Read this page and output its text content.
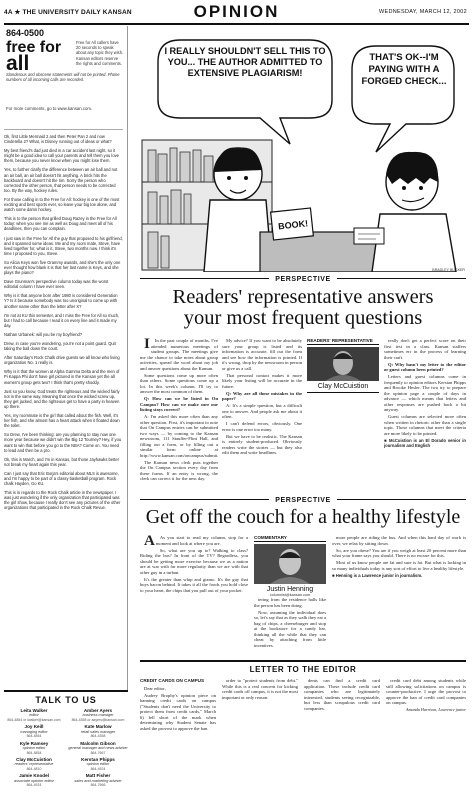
4A ★ THE UNIVERSITY DAILY KANSAN	OPINION	WEDNESDAY, MARCH 12, 2002
864-0500
free for
all
Free for All callers have 20 seconds to speak about any topic they wish. Kansan editors reserve the rights and comments.
Slanderous and obscene statements will not be printed. Phone numbers of all incoming calls are recorded.
For more comments, go to www.kansan.com.

Ok, first Little Mermaid 2 and then Peter Pan 2 and now Cinderella 2? What, is Disney running out of ideas or what?

My best friend's dad just died in a car accident last night, so it might be a good idea to call your parents and tell them you love them, because you never know when you might lose them.

Yes, to further clarify the difference between an air ball and not an air ball, an air ball doesn't hit anything. A brick hits the backboard and doesn't hit the rim. Sorry the person who corrected the other person, that person needs to be corrected too. By the way, hockey rules.

For those calling in to the Free for All: hockey is one of the most exciting and best sports ever, so leave your big toe alone, and watch some damn hockey.

This is to the person that grilled Doug Razey in the Free for All today: when you see me as well as Doug and meet all of his deadlines, then you can complain.

I just saw in the Free for All the guy that proposed to his girlfriend, and it spanned some ideas. Me and my room mate, Steve, have lived together for, what is it, Steve, two months now. I think it's time I proposed to you, Steve.

So Alicia Keys won five Grammy awards, and she's the only one ever thought how blank it is that her last name is Keys, and she plays the piano?

Dave Grunman's perspective column today was the worst editorial column I have ever seen.

Why is it that anyone born after 1980 is considered Generation Y? Is it because somebody was too unoriginal to come up with another name other than the letter after X?

I'm not at KU this semester, and I miss the Free for All so much, but I had to call because I read it on every line and it made my day.

Nathan Urbanek: will you be my boyfriend?

Drew, in case you're wondering, you're not a point guard. Quit taking the ball down the court.

After Saturday's Rock Chalk drive guests we all know who living organization No. 1 really is.

Why is it that the women at Alpha Gamma Delta and the men of Pi Kappa Phi don't have girl pictured in the Kansan yet the all women's group gets two? I think that's pretty shoddy.

Just so you know, God treats the righteous and the wicked fairly not in the same way. Meaning that once the wicked screw up, they get jacked, and the righteous get to have a party in heaven up there.

Yes, my roommate is the girl that called about the fish. Well, it's her fish, and she almost has a heart attack when it floated down the toilet.

So Drew, I've been thinking: are you planning to stay now one more year because we didn't win the Big 12 Tourney? Hey, if you want to win that before you go to the NBA? Come on. You need to lead and then be a pro.

Ok, this is March, and I'm in Kansas, but those Jayhawks better not break my heart again this year.

Can I just say that Eric Borja's editorial about MLS is awesome, and I'm happy to be part of a classy basketball program. Rock chalk Hayden, Go KU.

This is in regards to the Rock Chalk article in the newspaper. I was just wondering if the only organization that participated was the girl show, because I really don't see any pictures of the other organizations that participated in the Rock Chalk Revue.

TALK TO US
Leita Walker
editor
864-4854 or lwalker@kansan.com
Amber Ayers
business manager
864-4358 or aayers@kansan.com
Joy Keill
managing editor
864-4854
Kate Marlow
retail sales manager
864-4358
Kyle Ramsey
opinion editor
864-4854
Malcolm Gibson
general manager and news adviser
864-7667
Clay McCuistion
readers' representative
864-4810
Kerstan Phipps
opinion editor
864-4924
Jamie Knodel
associate opinion editor
864-4924
Matt Fisher
sales and marketing adviser
864-7666
BOOK!
I REALLY SHOULDN'T SELL THIS TO YOU... THE AUTHOR ADMITTED TO EXTENSIVE PLAGIARISM!
THAT'S OK--I'M PAYING WITH A FORGED CHECK...
BRADLEY BUCKER
PERSPECTIVE
Readers' representative answers
your most frequent questions

I In the past couple of months, I've attended numerous meetings of student groups. The meetings give me the chance to take notes about group activities, spread the word about my job and answer questions about the Kansan.

Some questions come up more often than others. Some questions come up a lot. In this week's column, I'll try to answer the most common of them.

Q: How can we be listed in On Campus? How can we make sure our listing stays correct?

A: I'm asked this more often than any other question. First, it's important to note that On Campus entries can be submitted two ways — by coming to the Kansan newsroom, 111 Stauffer-Flint Hall, and filling out a form, or by filling out a similar form online at http://www.kansan.com/oncampus/submit.

The Kansan news clerk puts together the On Campus section every day from these forms. If an entry is wrong, the clerk can correct it for the next day.

My advice? If you want to be absolutely sure your group is listed and its information is accurate, fill out the form and see how the information is printed. If it's wrong, drop by the newsroom in person or give us a call.

That personal contact makes it more likely your listing will be accurate in the future.

Q: Why are all those mistakes in the paper?

A: It's a simple question, but a difficult one to answer. And people ask me about it often.

I can't defend errors, obviously. One error is one error too many.

But we have to be realistic. The Kansan is entirely student-produced. Obviously readers write the stories — but they also edit them and write headlines.

READERS' REPRESENTATIVE
Clay McCuistion

really don't get a perfect score on their first test in a class. Kansan staffers sometimes err in the process of learning their craft.

Q: Why hasn't my letter to the editor or guest column been printed?

Letters and guest columns come in frequently to opinion editors Kerstan Phipps and Brooke Hesler. The two try to prepare the opinion page a couple of days in advance — which means that letters and other responses are pushed back a bit anyway.

Guest columns are selected more often when written in rhetoric other than a single topic. Those columns that meet the criteria are more likely to be printed.

■ McCuistion is an El Dorado senior in journalism and English
PERSPECTIVE
Get off the couch for a healthy lifestyle

A As you start to read my column, stop for a moment and look at where you are.

So, what are you up to? Walking to class? Riding the bus? In front of the TV? Regardless, you should be getting more exercise because we as a nation are at war with far more regularity than we are with that other guy in a turban.

It's the greater than whip and gizmo. It's the guy that buys bacon behind. It takes it all the foods you hold close to your heart, the chips that you pull out of your pocket.

COMMENTARY
Justin Henning
columnist@kansan.com

tering from the residence halls like the person has been doing.

Now, assuming the individual does so, let's say that as they walk they eat a bag of chips, a cheeseburger and stop at the bookstore for a candy bar, thinking all the while that they can cheat by attaching from little incentives.

more people are riding the bus. And when this hard day of work is over, we relax by sitting down.

So, are you obese? You are if you weigh at least 20 percent more than what your frame says you should. There is no excuse for this.

Most of us know people are fat and sure is fat. But what is lacking in so many individuals today is any sort of effort to live a healthy lifestyle.

■ Henning is a Lawrence junior in journalism.
LETTER TO THE EDITOR
CREDIT CARDS ON CAMPUS

Dear editor,

Audrey Brophy's opinion piece on banning credit cards on campus ("Students don't need the University to protect them from credit cards," March 6) fell short of the mark when determining why Student Senate has asked the provost to approve the ban.

order to "protect students from debt." While this is a real concern for kicking credit cards off campus, it is not the most important or only reason.

dents can find a credit card application. These include credit card companies who are legitimately interested, students seeing recognizable, but less than scrupulous credit card companies.

credit card debt among students while still allowing solicitations on campus is counter-productive. I urge the provost to approve the ban of credit card companies on campus.

Amanda Harrison, Lawrence junior
